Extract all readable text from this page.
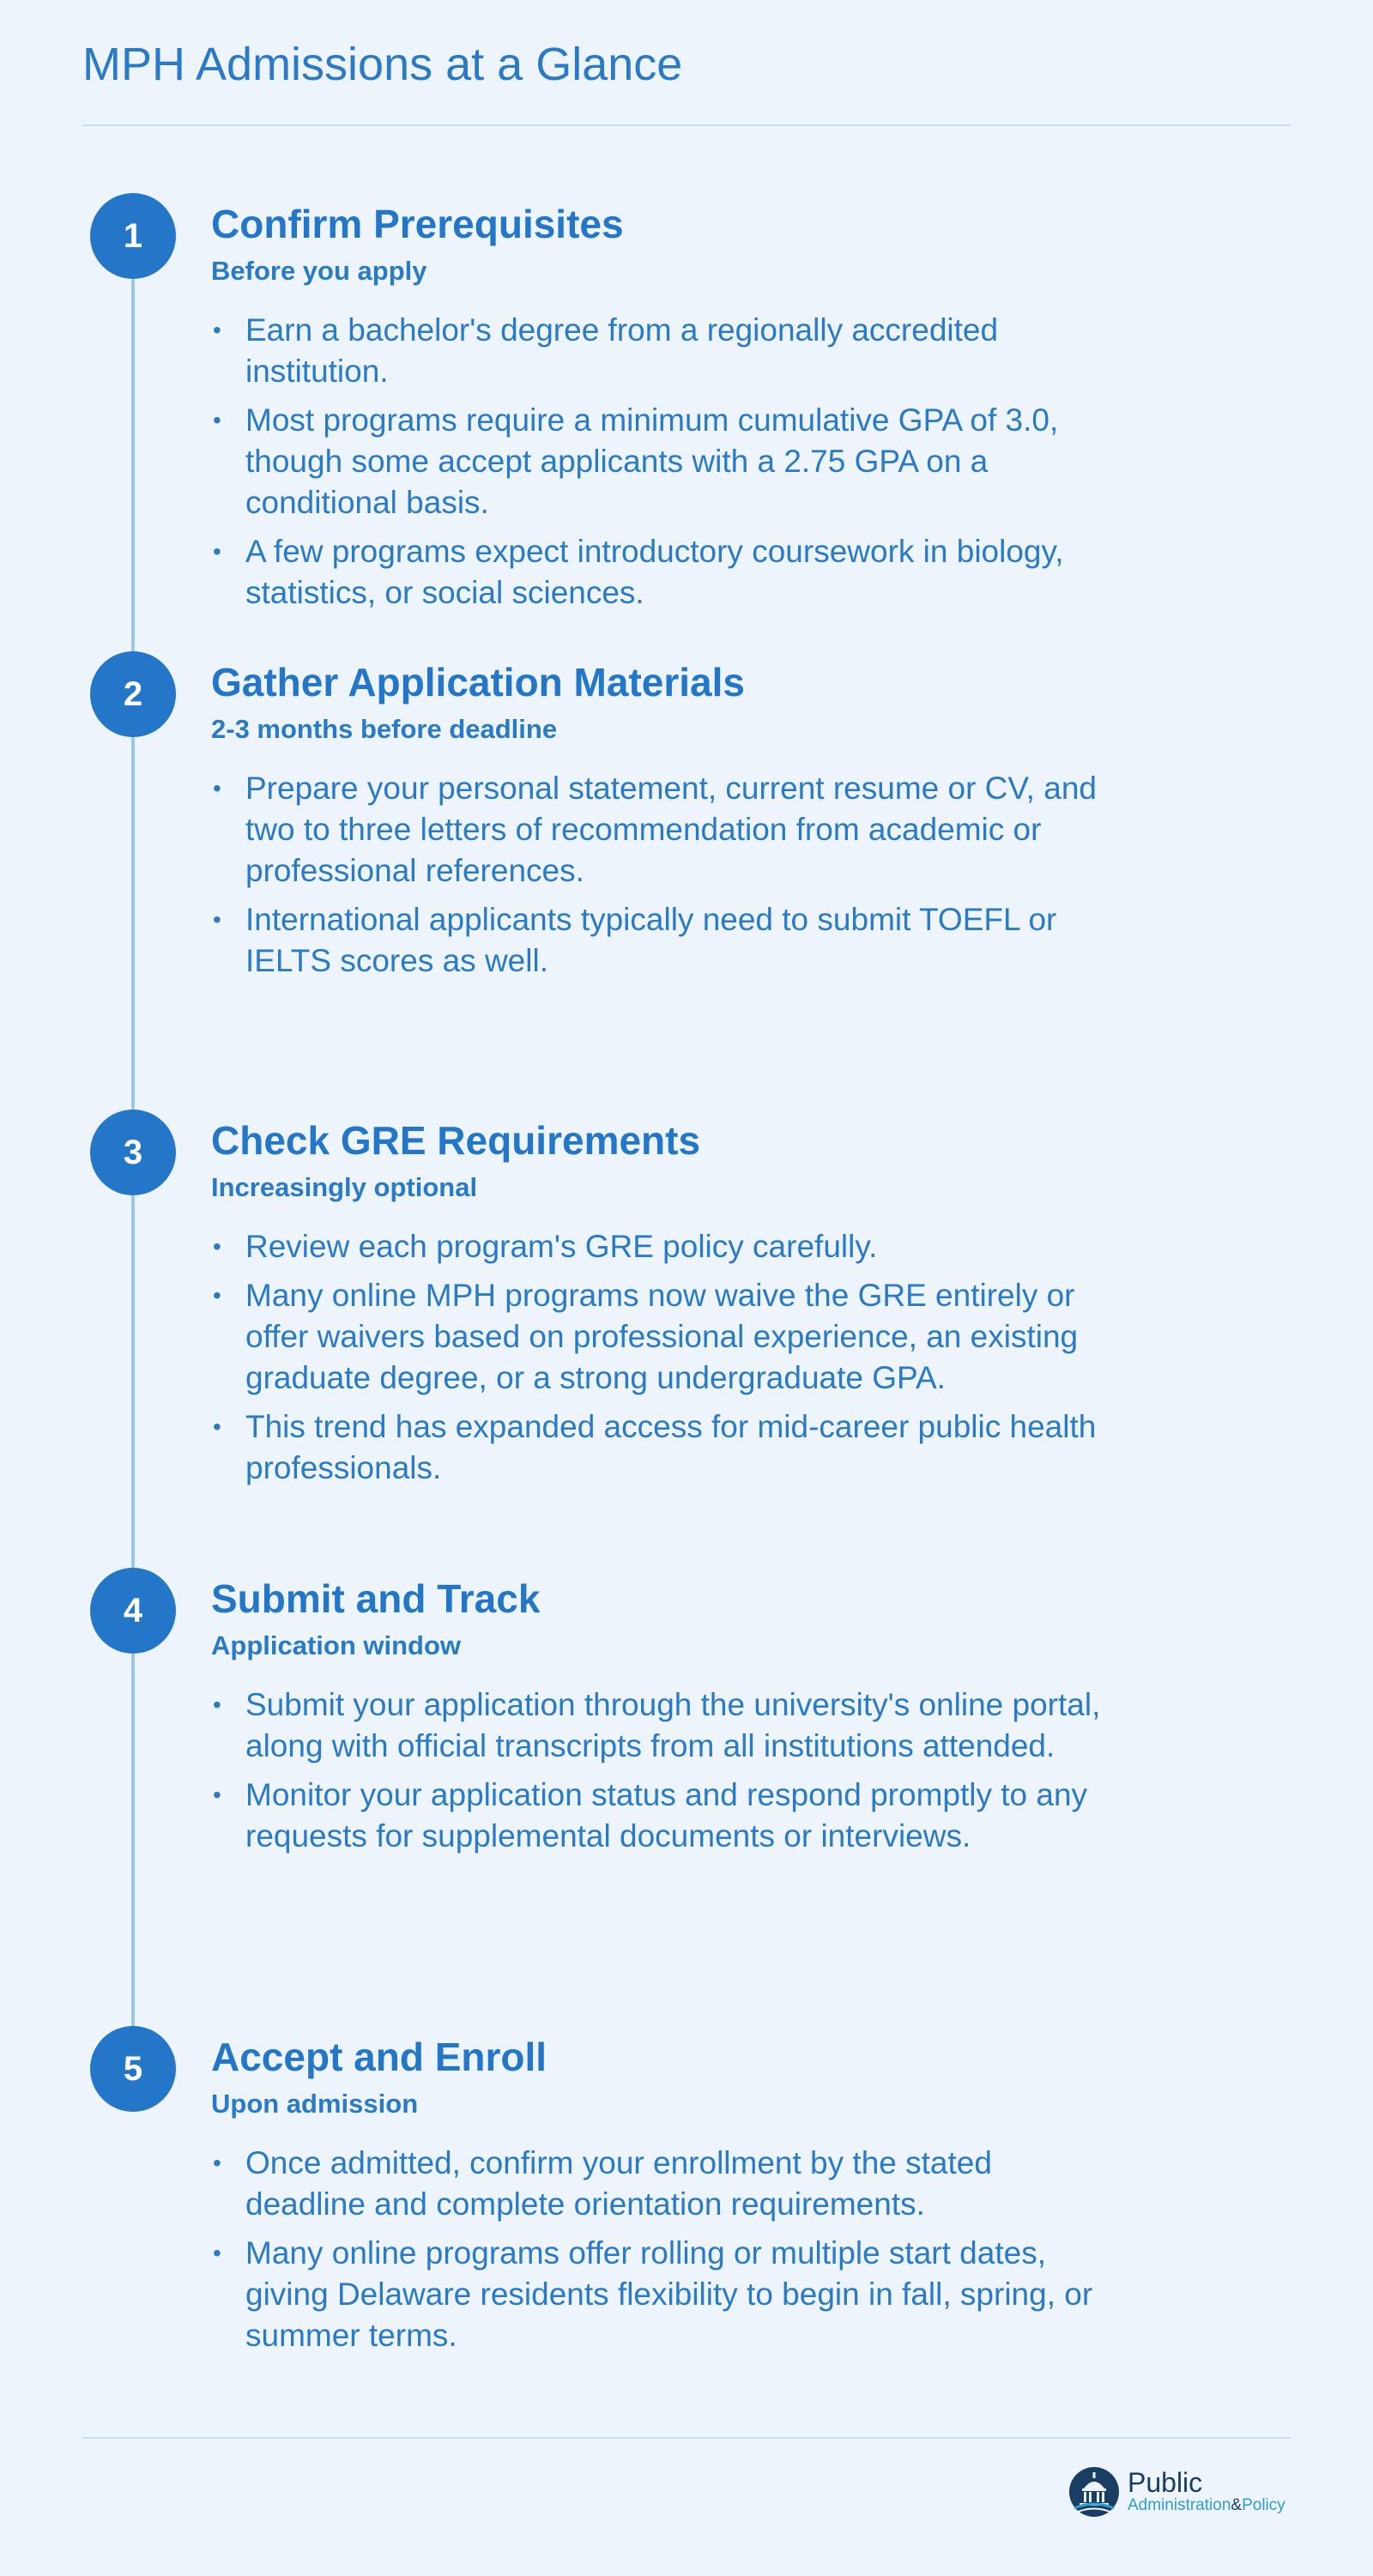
MPH Admissions at a Glance
1	Confirm Prerequisites
Before you apply
• Earn a bachelor's degree from a regionally accredited institution.
• Most programs require a minimum cumulative GPA of 3.0, though some accept applicants with a 2.75 GPA on a conditional basis.
• A few programs expect introductory coursework in biology, statistics, or social sciences.
2	Gather Application Materials
2-3 months before deadline
• Prepare your personal statement, current resume or CV, and two to three letters of recommendation from academic or professional references.
• International applicants typically need to submit TOEFL or IELTS scores as well.
3	Check GRE Requirements
Increasingly optional
• Review each program's GRE policy carefully.
• Many online MPH programs now waive the GRE entirely or offer waivers based on professional experience, an existing graduate degree, or a strong undergraduate GPA.
• This trend has expanded access for mid-career public health professionals.
4	Submit and Track
Application window
• Submit your application through the university's online portal, along with official transcripts from all institutions attended.
• Monitor your application status and respond promptly to any requests for supplemental documents or interviews.
5	Accept and Enroll
Upon admission
• Once admitted, confirm your enrollment by the stated deadline and complete orientation requirements.
• Many online programs offer rolling or multiple start dates, giving Delaware residents flexibility to begin in fall, spring, or summer terms.
Public
Administration&Policy
